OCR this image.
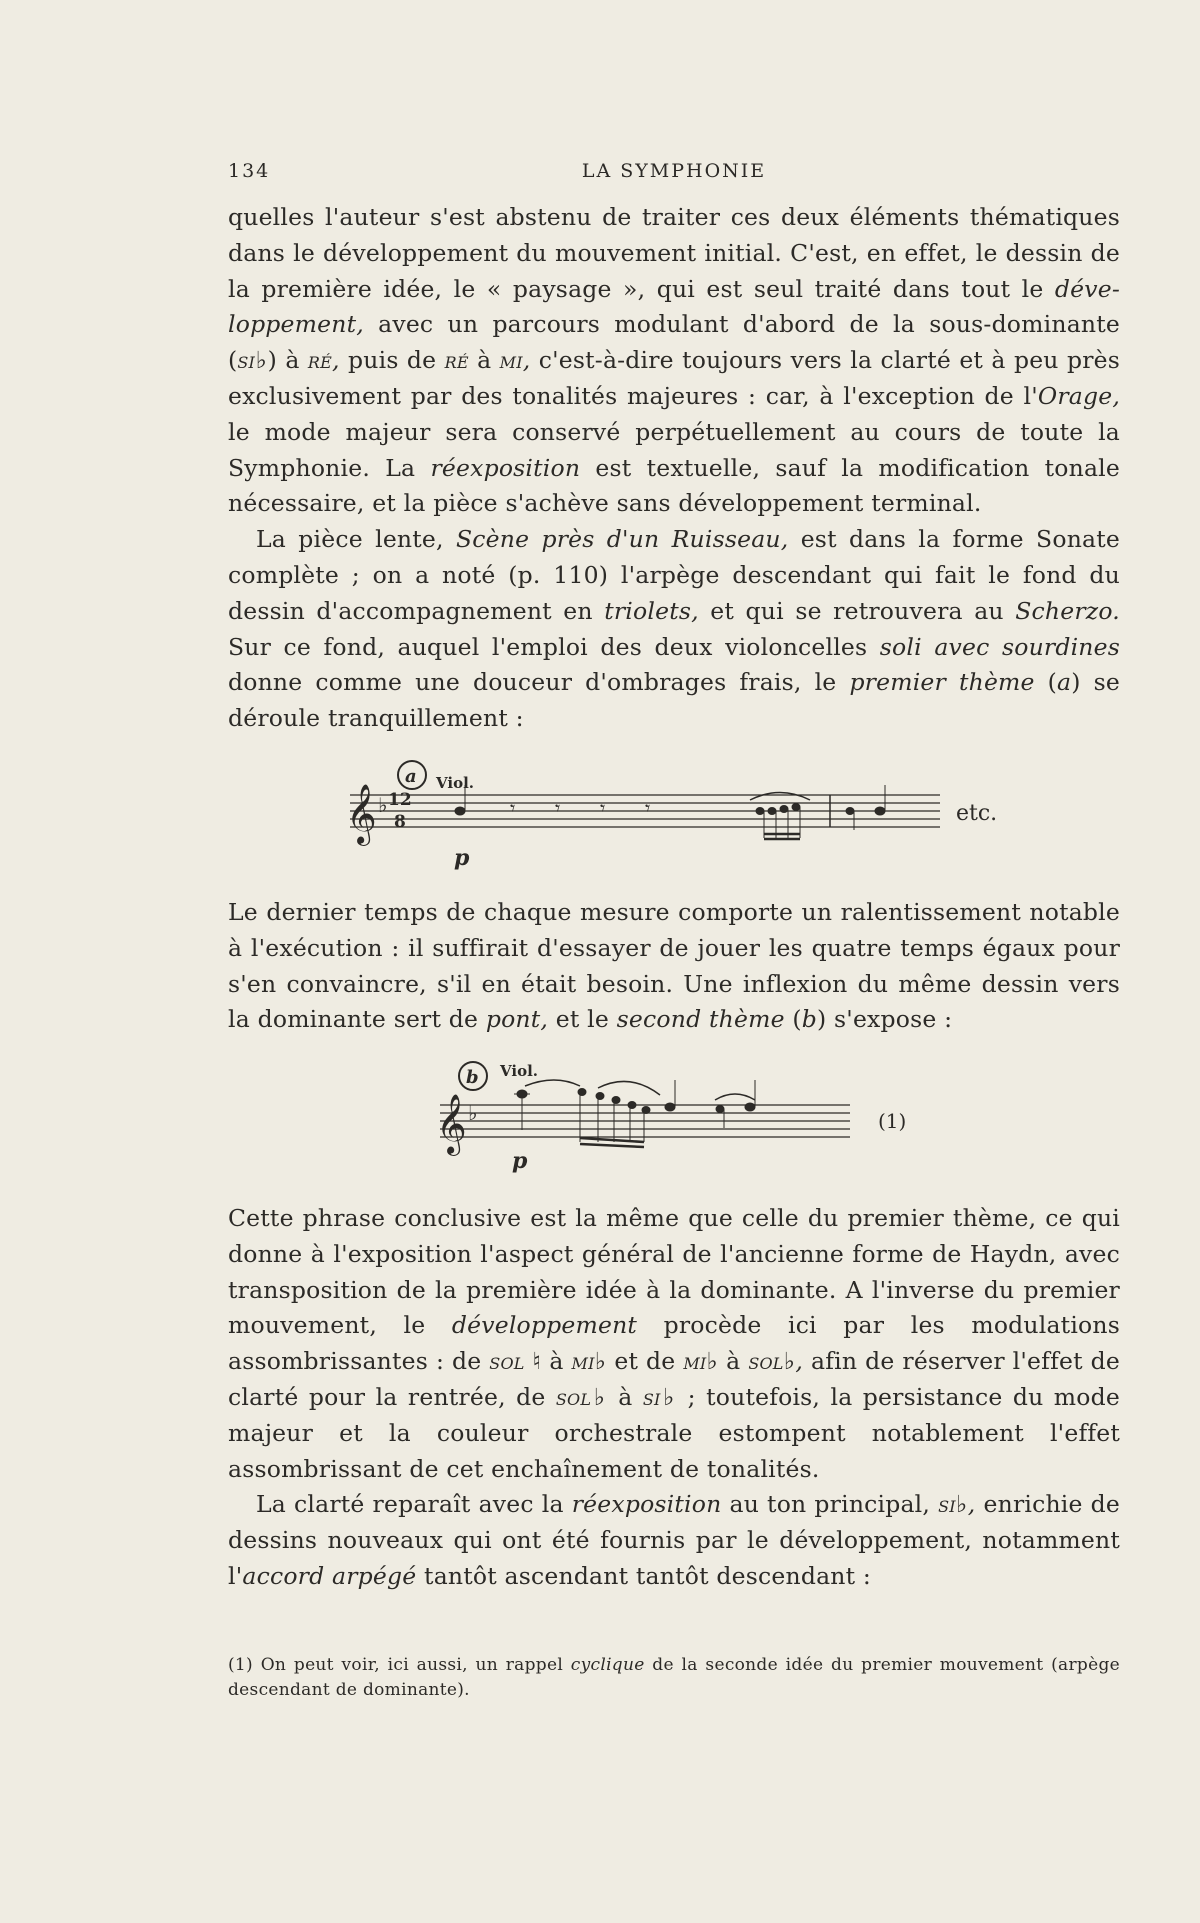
134	LA SYMPHONIE

quelles l'auteur s'est abstenu de traiter ces deux éléments thématiques dans le développement du mouvement initial. C'est, en effet, le dessin de la première idée, le « paysage », qui est seul traité dans tout le déve-loppement, avec un parcours modulant d'abord de la sous-dominante (si♭) à ré, puis de ré à mi, c'est-à-dire toujours vers la clarté et à peu près exclusivement par des tonalités majeures : car, à l'exception de l'Orage, le mode majeur sera conservé perpétuellement au cours de toute la Symphonie. La réexposition est textuelle, sauf la modification tonale nécessaire, et la pièce s'achève sans développement terminal.

La pièce lente, Scène près d'un Ruisseau, est dans la forme Sonate complète ; on a noté (p. 110) l'arpège descendant qui fait le fond du dessin d'accompagnement en triolets, et qui se retrouvera au Scherzo. Sur ce fond, auquel l'emploi des deux violoncelles soli avec sourdines donne comme une douceur d'ombrages frais, le premier thème (a) se déroule tranquillement :

𝄞 ♭ 12
8
a Viol.
𝄾 𝄾 𝄾 𝄾
p
etc.

Le dernier temps de chaque mesure comporte un ralentissement notable à l'exécution : il suffirait d'essayer de jouer les quatre temps égaux pour s'en convaincre, s'il en était besoin. Une inflexion du même dessin vers la dominante sert de pont, et le second thème (b) s'expose :

𝄞 ♭
b Viol.
p
(1)

Cette phrase conclusive est la même que celle du premier thème, ce qui donne à l'exposition l'aspect général de l'ancienne forme de Haydn, avec transposition de la première idée à la dominante. A l'inverse du premier mouvement, le développement procède ici par les modulations assombrissantes : de sol ♮ à mi♭ et de mi♭ à sol♭, afin de réserver l'effet de clarté pour la rentrée, de sol♭ à si♭ ; toutefois, la persistance du mode majeur et la couleur orchestrale estompent notablement l'effet assombrissant de cet enchaînement de tonalités.

La clarté reparaît avec la réexposition au ton principal, si♭, enrichie de dessins nouveaux qui ont été fournis par le développement, notamment l'accord arpégé tantôt ascendant tantôt descendant :

(1) On peut voir, ici aussi, un rappel cyclique de la seconde idée du premier mouvement (arpège descendant de dominante).
